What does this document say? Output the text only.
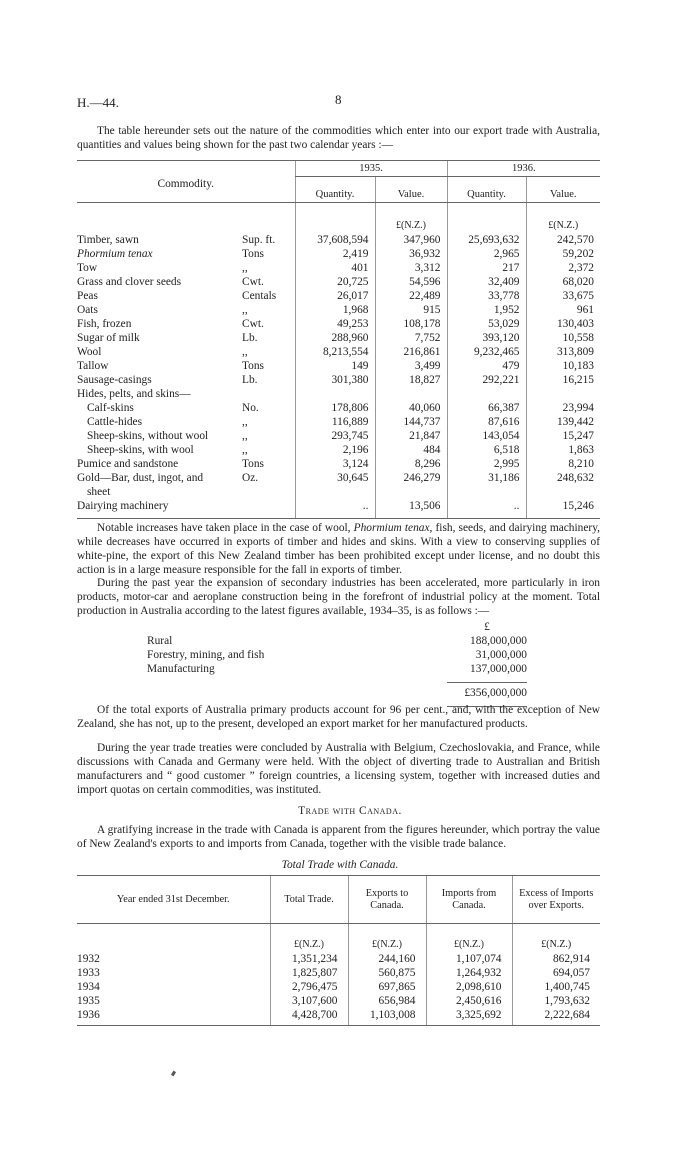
H.—44.	8
The table hereunder sets out the nature of the commodities which enter into our export trade with Australia, quantities and values being shown for the past two calendar years :—
		1935.		1936.	
Commodity.		Quantity.	Value.	Quantity.	Value.
			£(N.Z.)		£(N.Z.)
Timber, sawn	Sup. ft.	37,608,594	347,960	25,693,632	242,570
Phormium tenax	Tons	2,419	36,932	2,965	59,202
Tow	,,	401	3,312	217	2,372
Grass and clover seeds	Cwt.	20,725	54,596	32,409	68,020
Peas	Centals	26,017	22,489	33,778	33,675
Oats	,,	1,968	915	1,952	961
Fish, frozen	Cwt.	49,253	108,178	53,029	130,403
Sugar of milk	Lb.	288,960	7,752	393,120	10,558
Wool	,,	8,213,554	216,861	9,232,465	313,809
Tallow	Tons	149	3,499	479	10,183
Sausage-casings	Lb.	301,380	18,827	292,221	16,215
Hides, pelts, and skins—					
Calf-skins	No.	178,806	40,060	66,387	23,994
Cattle-hides	,,	116,889	144,737	87,616	139,442
Sheep-skins, without wool	,,	293,745	21,847	143,054	15,247
Sheep-skins, with wool	,,	2,196	484	6,518	1,863
Pumice and sandstone	Tons	3,124	8,296	2,995	8,210
Gold—Bar, dust, ingot, and	Oz.	30,645	246,279	31,186	248,632
sheet					
Dairying machinery		..	13,506	..	15,246

Notable increases have taken place in the case of wool, Phormium tenax, fish, seeds, and dairying machinery, while decreases have occurred in exports of timber and hides and skins. With a view to conserving supplies of white-pine, the export of this New Zealand timber has been prohibited except under license, and no doubt this action is in a large measure responsible for the fall in exports of timber.
During the past year the expansion of secondary industries has been accelerated, more particularly in iron products, motor-car and aeroplane construction being in the forefront of industrial policy at the moment. Total production in Australia according to the latest figures available, 1934–35, is as follows :—
£
Rural	188,000,000
Forestry, mining, and fish	31,000,000
Manufacturing	137,000,000
£356,000,000
Of the total exports of Australia primary products account for 96 per cent., and, with the exception of New Zealand, she has not, up to the present, developed an export market for her manufactured products.
During the year trade treaties were concluded by Australia with Belgium, Czechoslovakia, and France, while discussions with Canada and Germany were held. With the object of diverting trade to Australian and British manufacturers and “ good customer ” foreign countries, a licensing system, together with increased duties and import quotas on certain commodities, was instituted.
Trade with Canada.
A gratifying increase in the trade with Canada is apparent from the figures hereunder, which portray the value of New Zealand's exports to and imports from Canada, together with the visible trade balance.
Total Trade with Canada.
Year ended 31st December.	Total Trade.	Exports to Canada.	Imports from Canada.	Excess of Imports over Exports.
	£(N.Z.)	£(N.Z.)	£(N.Z.)	£(N.Z.)
1932	1,351,234	244,160	1,107,074	862,914
1933	1,825,807	560,875	1,264,932	694,057
1934	2,796,475	697,865	2,098,610	1,400,745
1935	3,107,600	656,984	2,450,616	1,793,632
1936	4,428,700	1,103,008	3,325,692	2,222,684
